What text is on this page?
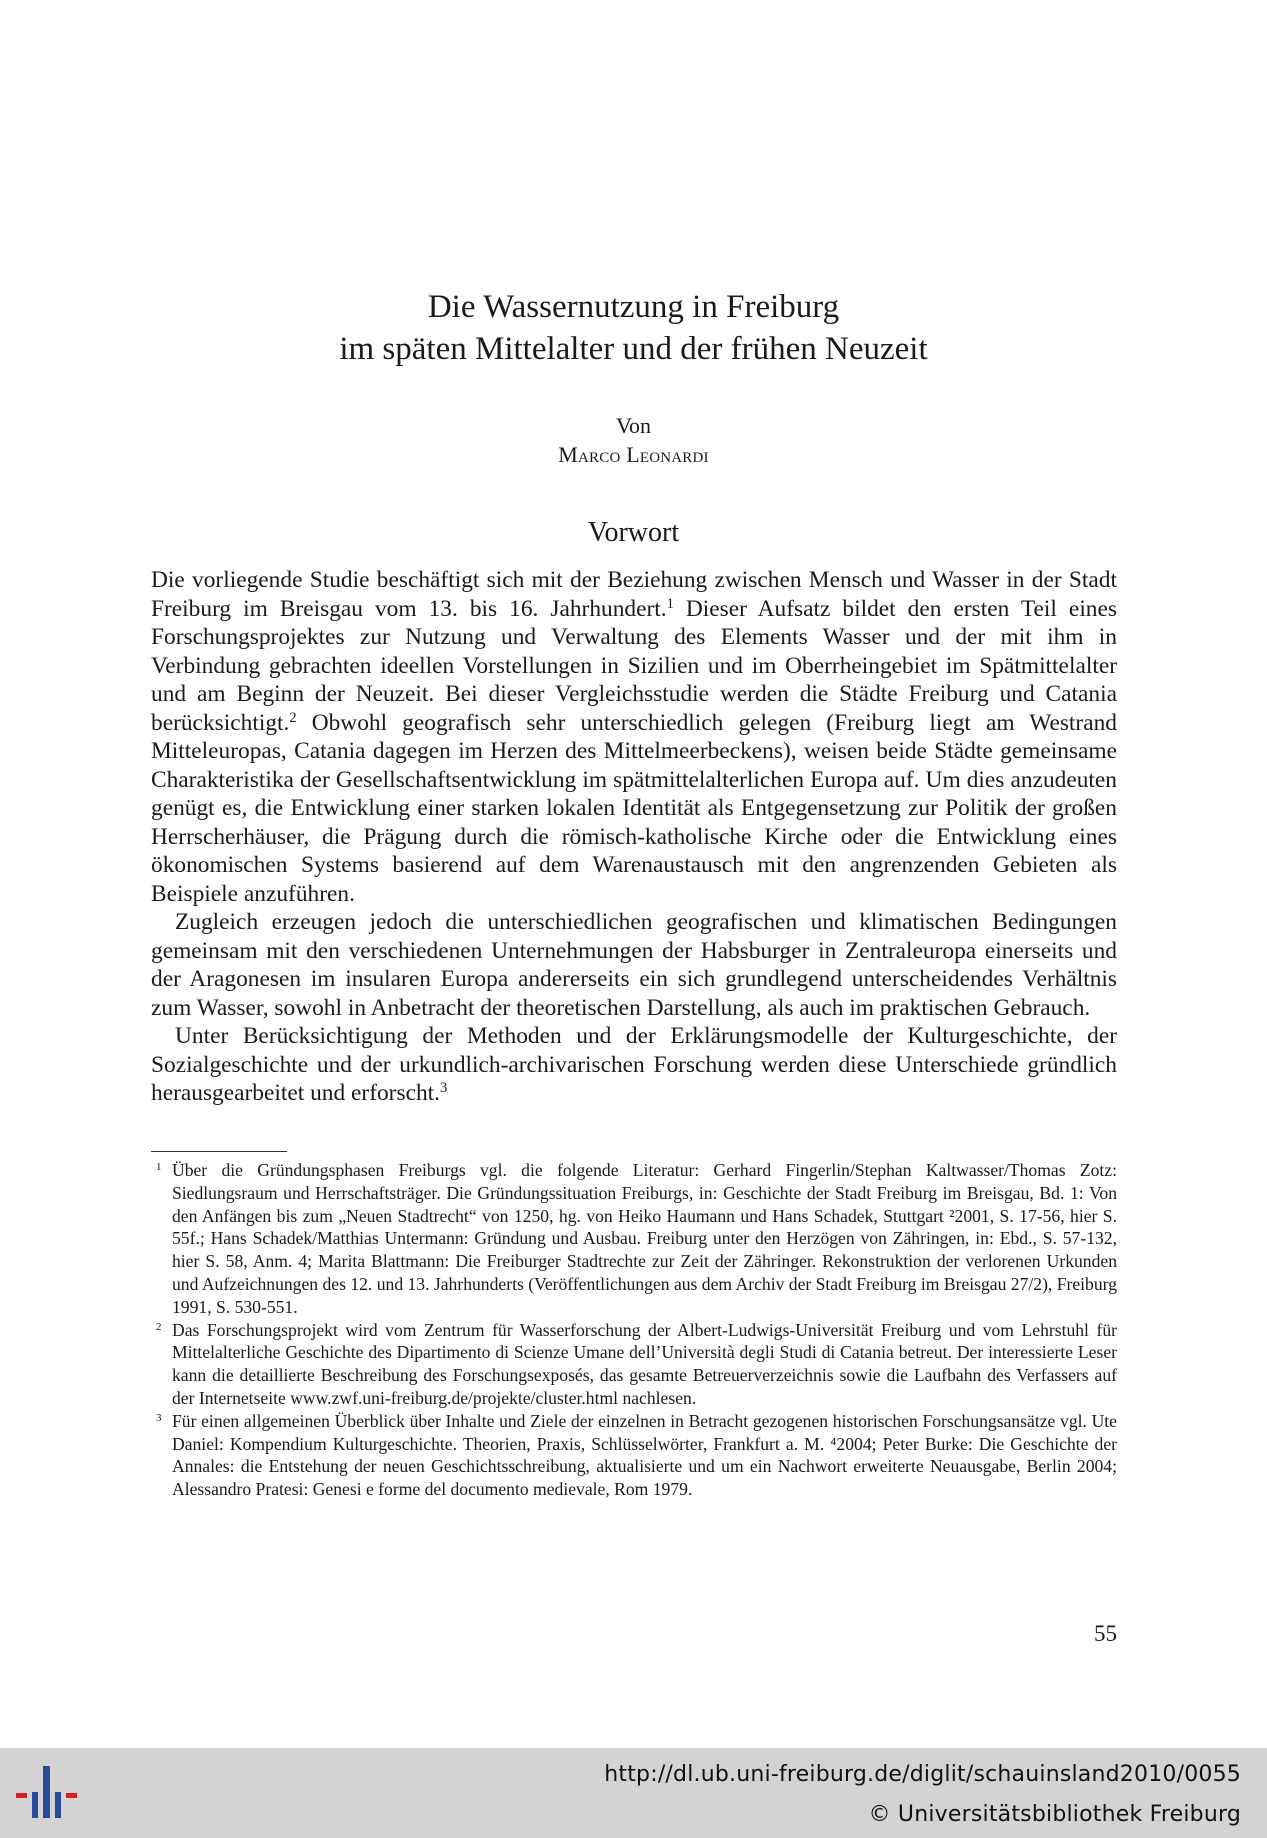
Die Wassernutzung in Freiburg
im späten Mittelalter und der frühen Neuzeit
Von
Marco Leonardi
Vorwort

Die vorliegende Studie beschäftigt sich mit der Beziehung zwischen Mensch und Wasser in der Stadt Freiburg im Breisgau vom 13. bis 16. Jahrhundert.$^1$ Dieser Aufsatz bildet den ersten Teil eines Forschungsprojektes zur Nutzung und Verwaltung des Elements Wasser und der mit ihm in Verbindung gebrachten ideellen Vorstellungen in Sizilien und im Oberrheingebiet im Spätmittelalter und am Beginn der Neuzeit. Bei dieser Vergleichsstudie werden die Städte Freiburg und Catania berücksichtigt.$^2$ Obwohl geografisch sehr unterschiedlich gelegen (Freiburg liegt am Westrand Mitteleuropas, Catania dagegen im Herzen des Mittelmeerbeckens), weisen beide Städte gemeinsame Charakteristika der Gesellschaftsentwicklung im spätmittelalterlichen Europa auf. Um dies anzudeuten genügt es, die Entwicklung einer starken lokalen Identität als Entgegensetzung zur Politik der großen Herrscherhäuser, die Prägung durch die römisch-katholische Kirche oder die Entwicklung eines ökonomischen Systems basierend auf dem Warenaustausch mit den angrenzenden Gebieten als Beispiele anzuführen.

Zugleich erzeugen jedoch die unterschiedlichen geografischen und klimatischen Bedingungen gemeinsam mit den verschiedenen Unternehmungen der Habsburger in Zentraleuropa einerseits und der Aragonesen im insularen Europa andererseits ein sich grundlegend unterscheidendes Verhältnis zum Wasser, sowohl in Anbetracht der theoretischen Darstellung, als auch im praktischen Gebrauch.

Unter Berücksichtigung der Methoden und der Erklärungsmodelle der Kulturgeschichte, der Sozialgeschichte und der urkundlich-archivarischen Forschung werden diese Unterschiede gründlich herausgearbeitet und erforscht.$^3$

1 Über die Gründungsphasen Freiburgs vgl. die folgende Literatur: Gerhard Fingerlin/Stephan Kaltwasser/Thomas Zotz: Siedlungsraum und Herrschaftsträger. Die Gründungssituation Freiburgs, in: Geschichte der Stadt Freiburg im Breisgau, Bd. 1: Von den Anfängen bis zum „Neuen Stadtrecht“ von 1250, hg. von Heiko Haumann und Hans Schadek, Stuttgart ²2001, S. 17-56, hier S. 55f.; Hans Schadek/Matthias Untermann: Gründung und Ausbau. Freiburg unter den Herzögen von Zähringen, in: Ebd., S. 57-132, hier S. 58, Anm. 4; Marita Blattmann: Die Freiburger Stadtrechte zur Zeit der Zähringer. Rekonstruktion der verlorenen Urkunden und Aufzeichnungen des 12. und 13. Jahrhunderts (Veröffentlichungen aus dem Archiv der Stadt Freiburg im Breisgau 27/2), Freiburg 1991, S. 530-551.

2 Das Forschungsprojekt wird vom Zentrum für Wasserforschung der Albert-Ludwigs-Universität Freiburg und vom Lehrstuhl für Mittelalterliche Geschichte des Dipartimento di Scienze Umane dell’Università degli Studi di Catania betreut. Der interessierte Leser kann die detaillierte Beschreibung des Forschungsexposés, das gesamte Betreuerverzeichnis sowie die Laufbahn des Verfassers auf der Internetseite www.zwf.uni-freiburg.de/projekte/cluster.html nachlesen.

3 Für einen allgemeinen Überblick über Inhalte und Ziele der einzelnen in Betracht gezogenen historischen Forschungsansätze vgl. Ute Daniel: Kompendium Kulturgeschichte. Theorien, Praxis, Schlüsselwörter, Frankfurt a. M. ⁴2004; Peter Burke: Die Geschichte der Annales: die Entstehung der neuen Geschichtsschreibung, aktualisierte und um ein Nachwort erweiterte Neuausgabe, Berlin 2004; Alessandro Pratesi: Genesi e forme del documento medievale, Rom 1979.

55
http://dl.ub.uni-freiburg.de/diglit/schauinsland2010/0055
© Universitätsbibliothek Freiburg
